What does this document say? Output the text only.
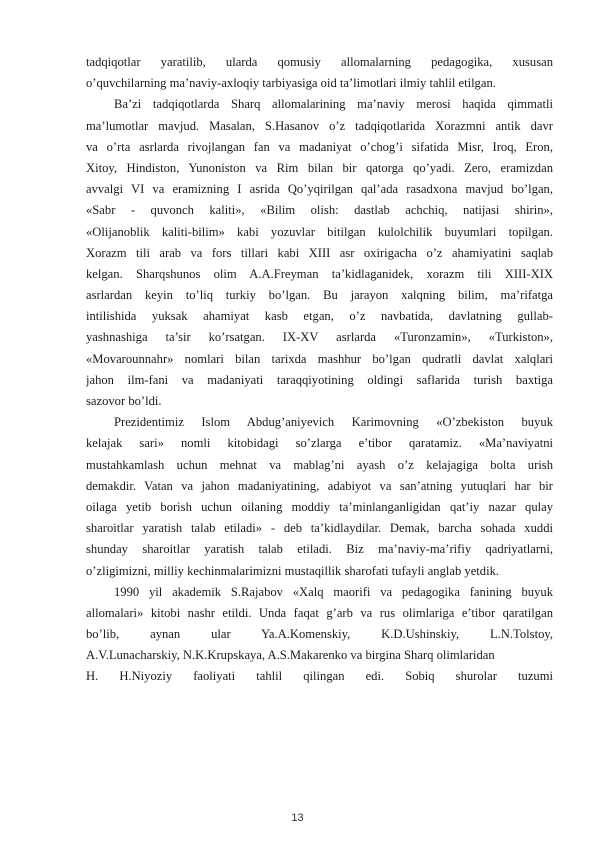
tadqiqotlar yaratilib, ularda qomusiy allomalarning pedagogika, xususan
o’quvchilarning ma’naviy-axloqiy tarbiyasiga oid ta’limotlari ilmiy tahlil etilgan.
Ba’zi tadqiqotlarda Sharq allomalarining ma’naviy merosi haqida qimmatli
ma’lumotlar mavjud. Masalan, S.Hasanov o’z tadqiqotlarida Xorazmni antik davr
va o’rta asrlarda rivojlangan fan va madaniyat o’chog’i sifatida Misr, Iroq, Eron,
Xitoy, Hindiston, Yunoniston va Rim bilan bir qatorga qo’yadi. Zero, eramizdan
avvalgi VI va eramizning I asrida Qo’yqirilgan qal’ada rasadxona mavjud bo’lgan,
«Sabr - quvonch kaliti», «Bilim olish: dastlab achchiq, natijasi shirin»,
«Olijanoblik kaliti-bilim» kabi yozuvlar bitilgan kulolchilik buyumlari topilgan.
Xorazm tili arab va fors tillari kabi XIII asr oxirigacha o’z ahamiyatini saqlab
kelgan. Sharqshunos olim A.A.Freyman ta’kidlaganidek, xorazm tili XIII-XIX
asrlardan keyin to’liq turkiy bo’lgan. Bu jarayon xalqning bilim, ma’rifatga
intilishida yuksak ahamiyat kasb etgan, o’z navbatida, davlatning gullab-
yashnashiga ta’sir ko’rsatgan. IX-XV asrlarda «Turonzamin», «Turkiston»,
«Movarounnahr» nomlari bilan tarixda mashhur bo’lgan qudratli davlat xalqlari
jahon ilm-fani va madaniyati taraqqiyotining oldingi saflarida turish baxtiga
sazovor bo’ldi.
Prezidentimiz Islom Abdug’aniyevich Karimovning «O’zbekiston buyuk
kelajak sari» nomli kitobidagi so’zlarga e’tibor qaratamiz. «Ma’naviyatni
mustahkamlash uchun mehnat va mablag’ni ayash o’z kelajagiga bolta urish
demakdir. Vatan va jahon madaniyatining, adabiyot va san’atning yutuqlari har bir
oilaga yetib borish uchun oilaning moddiy ta’minlanganligidan qat’iy nazar qulay
sharoitlar yaratish talab etiladi» - deb ta’kidlaydilar. Demak, barcha sohada xuddi
shunday sharoitlar yaratish talab etiladi. Biz ma’naviy-ma’rifiy qadriyatlarni,
o’zligimizni, milliy kechinmalarimizni mustaqillik sharofati tufayli anglab yetdik.
1990 yil akademik S.Rajabov «Xalq maorifi va pedagogika fanining buyuk
allomalari» kitobi nashr etildi. Unda faqat g’arb va rus olimlariga e’tibor qaratilgan
bo’lib, aynan ular Ya.A.Komenskiy, K.D.Ushinskiy, L.N.Tolstoy,
A.V.Lunacharskiy, N.K.Krupskaya, A.S.Makarenko va birgina Sharq olimlaridan
H. H.Niyoziy faoliyati tahlil qilingan edi. Sobiq shurolar tuzumi
13
